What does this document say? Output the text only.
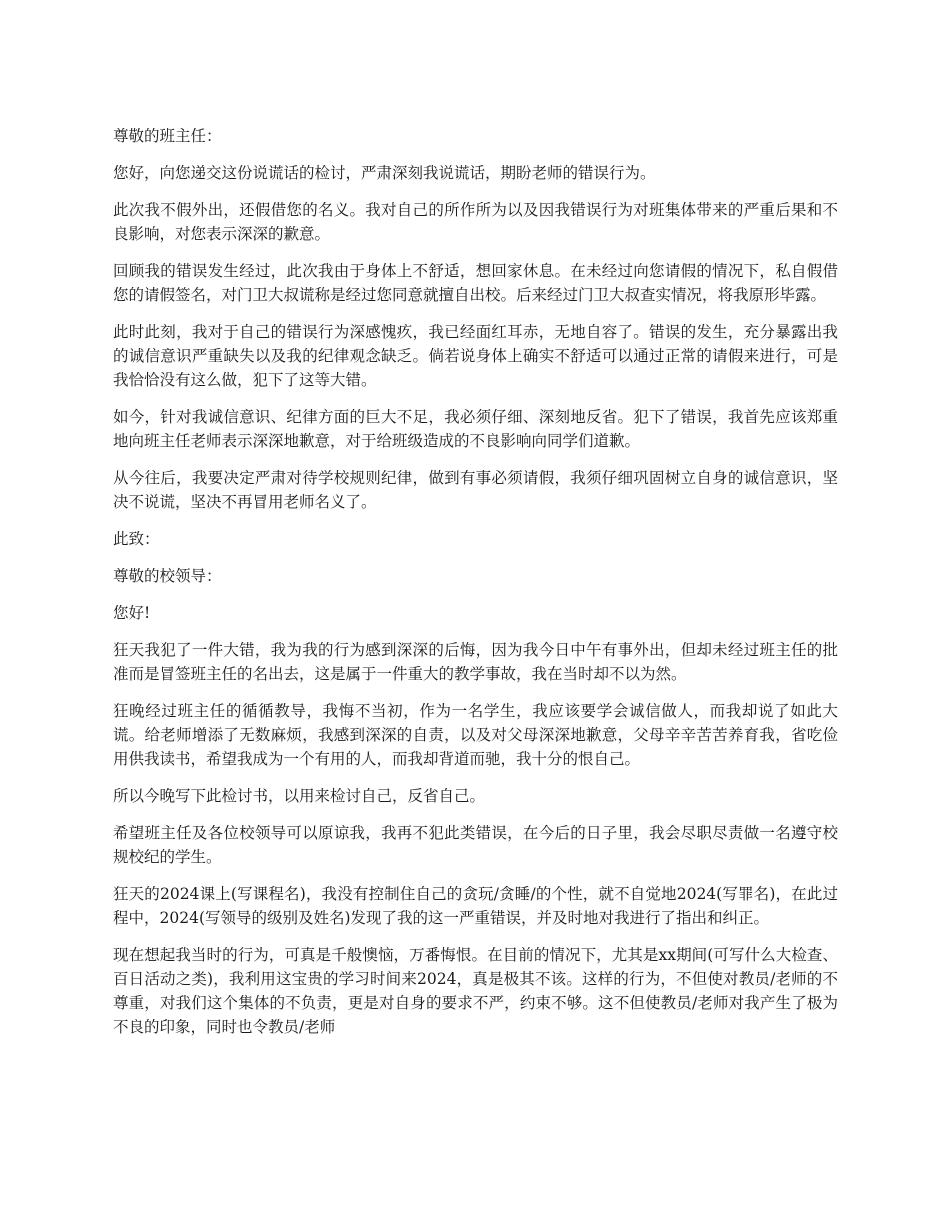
尊敬的班主任：

您好，向您递交这份说谎话的检讨，严肃深刻我说谎话，期盼老师的错误行为。

此次我不假外出，还假借您的名义。我对自己的所作所为以及因我错误行为对班集体带来的严重后果和不良影响，对您表示深深的歉意。

回顾我的错误发生经过，此次我由于身体上不舒适，想回家休息。在未经过向您请假的情况下，私自假借您的请假签名，对门卫大叔谎称是经过您同意就擅自出校。后来经过门卫大叔查实情况，将我原形毕露。

此时此刻，我对于自己的错误行为深感愧疚，我已经面红耳赤，无地自容了。错误的发生，充分暴露出我的诚信意识严重缺失以及我的纪律观念缺乏。倘若说身体上确实不舒适可以通过正常的请假来进行，可是我恰恰没有这么做，犯下了这等大错。

如今，针对我诚信意识、纪律方面的巨大不足，我必须仔细、深刻地反省。犯下了错误，我首先应该郑重地向班主任老师表示深深地歉意，对于给班级造成的不良影响向同学们道歉。

从今往后，我要决定严肃对待学校规则纪律，做到有事必须请假，我须仔细巩固树立自身的诚信意识，坚决不说谎，坚决不再冒用老师名义了。

此致：

尊敬的校领导：

您好!

狂天我犯了一件大错，我为我的行为感到深深的后悔，因为我今日中午有事外出，但却未经过班主任的批准而是冒签班主任的名出去，这是属于一件重大的教学事故，我在当时却不以为然。

狂晚经过班主任的循循教导，我悔不当初，作为一名学生，我应该要学会诚信做人，而我却说了如此大谎。给老师增添了无数麻烦，我感到深深的自责，以及对父母深深地歉意，父母辛辛苦苦养育我，省吃俭用供我读书，希望我成为一个有用的人，而我却背道而驰，我十分的恨自己。

所以今晚写下此检讨书，以用来检讨自己，反省自己。

希望班主任及各位校领导可以原谅我，我再不犯此类错误，在今后的日子里，我会尽职尽责做一名遵守校规校纪的学生。

狂天的2024课上(写课程名)，我没有控制住自己的贪玩/贪睡/的个性，就不自觉地2024(写罪名)，在此过程中，2024(写领导的级别及姓名)发现了我的这一严重错误，并及时地对我进行了指出和纠正。

现在想起我当时的行为，可真是千般懊恼，万番悔恨。在目前的情况下，尤其是xx期间(可写什么大检查、百日活动之类)，我利用这宝贵的学习时间来2024，真是极其不该。这样的行为，不但使对教员/老师的不尊重，对我们这个集体的不负责，更是对自身的要求不严，约束不够。这不但使教员/老师对我产生了极为不良的印象，同时也令教员/老师
